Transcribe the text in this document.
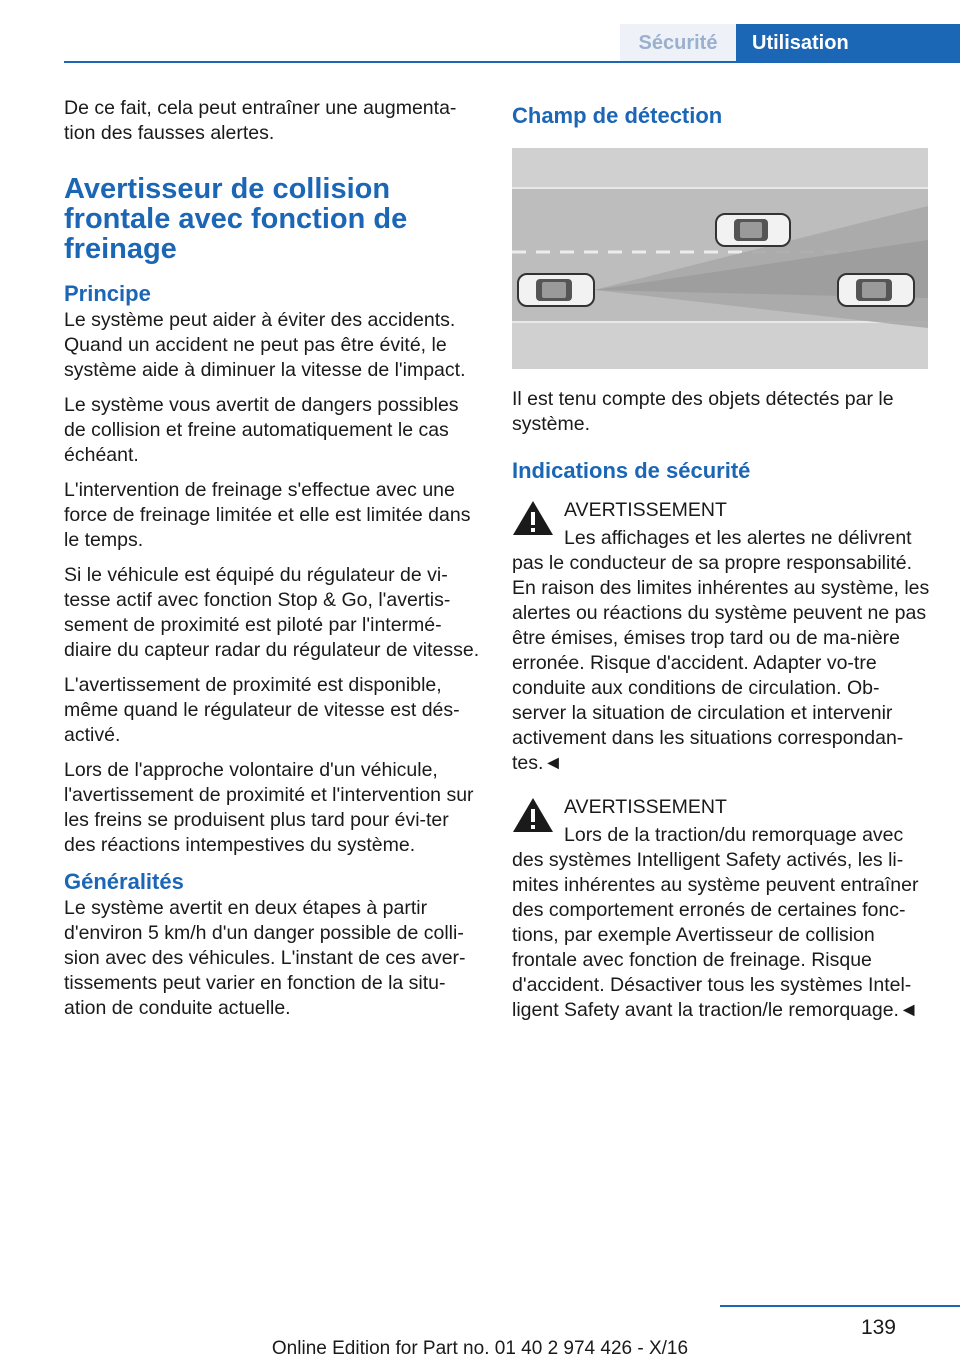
Sécurité	Utilisation

De ce fait, cela peut entraîner une augmenta-tion des fausses alertes.

Avertisseur de collision frontale avec fonction de freinage
Principe

Le système peut aider à éviter des accidents. Quand un accident ne peut pas être évité, le système aide à diminuer la vitesse de l'impact.

Le système vous avertit de dangers possibles de collision et freine automatiquement le cas échéant.

L'intervention de freinage s'effectue avec une force de freinage limitée et elle est limitée dans le temps.

Si le véhicule est équipé du régulateur de vi-tesse actif avec fonction Stop & Go, l'avertis-sement de proximité est piloté par l'intermé-diaire du capteur radar du régulateur de vitesse.

L'avertissement de proximité est disponible, même quand le régulateur de vitesse est dés-activé.

Lors de l'approche volontaire d'un véhicule, l'avertissement de proximité et l'intervention sur les freins se produisent plus tard pour évi-ter des réactions intempestives du système.

Généralités

Le système avertit en deux étapes à partir d'environ 5 km/h d'un danger possible de colli-sion avec des véhicules. L'instant de ces aver-tissements peut varier en fonction de la situ-ation de conduite actuelle.

Champ de détection

Il est tenu compte des objets détectés par le système.

Indications de sécurité
AVERTISSEMENT

Les affichages et les alertes ne délivrent pas le conducteur de sa propre responsabilité. En raison des limites inhérentes au système, les alertes ou réactions du système peuvent ne pas être émises, émises trop tard ou de ma-nière erronée. Risque d'accident. Adapter vo-tre conduite aux conditions de circulation. Ob-server la situation de circulation et intervenir activement dans les situations correspondan-tes.◄

AVERTISSEMENT

Lors de la traction/du remorquage avec des systèmes Intelligent Safety activés, les li-mites inhérentes au système peuvent entraîner des comportement erronés de certaines fonc-tions, par exemple Avertisseur de collision frontale avec fonction de freinage. Risque d'accident. Désactiver tous les systèmes Intel-ligent Safety avant la traction/le remorquage.◄

139
Online Edition for Part no. 01 40 2 974 426 - X/16
